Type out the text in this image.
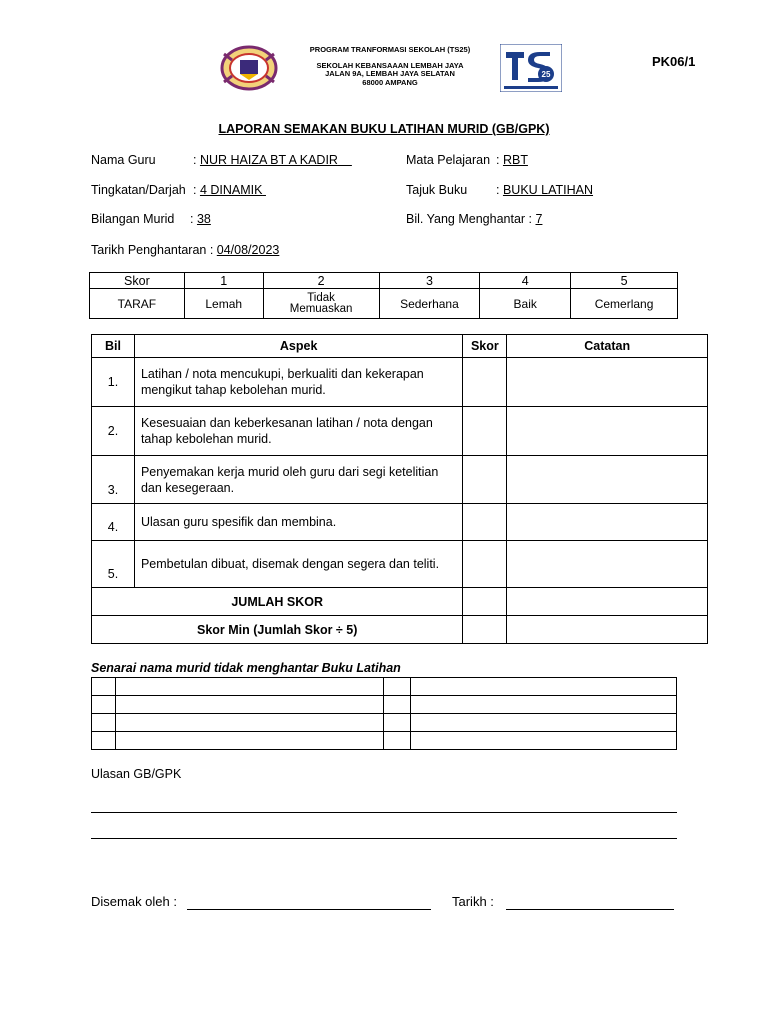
PROGRAM TRANFORMASI SEKOLAH (TS25)
SEKOLAH KEBANSAAAN LEMBAH JAYA
JALAN 9A, LEMBAH JAYA SELATAN
68000 AMPANG
25
PK06/1
LAPORAN SEMAKAN BUKU LATIHAN MURID (GB/GPK)
Nama Guru	: NUR HAIZA BT A KADIR	Mata Pelajaran : RBT
Tingkatan/Darjah : 4 DINAMIK	Tajuk Buku : BUKU LATIHAN
Bilangan Murid : 38	Bil. Yang Menghantar : 7
Tarikh Penghantaran : 04/08/2023
Skor	1	2	3	4	5
TARAF	Lemah	Tidak Memuaskan	Sederhana	Baik	Cemerlang
Bil	Aspek	Skor	Catatan
1.	Latihan / nota mencukupi, berkualiti dan kekerapan mengikut tahap kebolehan murid.		
2.	Kesesuaian dan keberkesanan latihan / nota dengan tahap kebolehan murid.		
3.	Penyemakan kerja murid oleh guru dari segi ketelitian dan kesegeraan.		
4.	Ulasan guru spesifik dan membina.		
5.	Pembetulan dibuat, disemak dengan segera dan teliti.		
JUMLAH SKOR			
Skor Min (Jumlah Skor ÷ 5)			
Senarai nama murid tidak menghantar Buku Latihan

Ulasan GB/GPK
Disemak oleh :	Tarikh :
